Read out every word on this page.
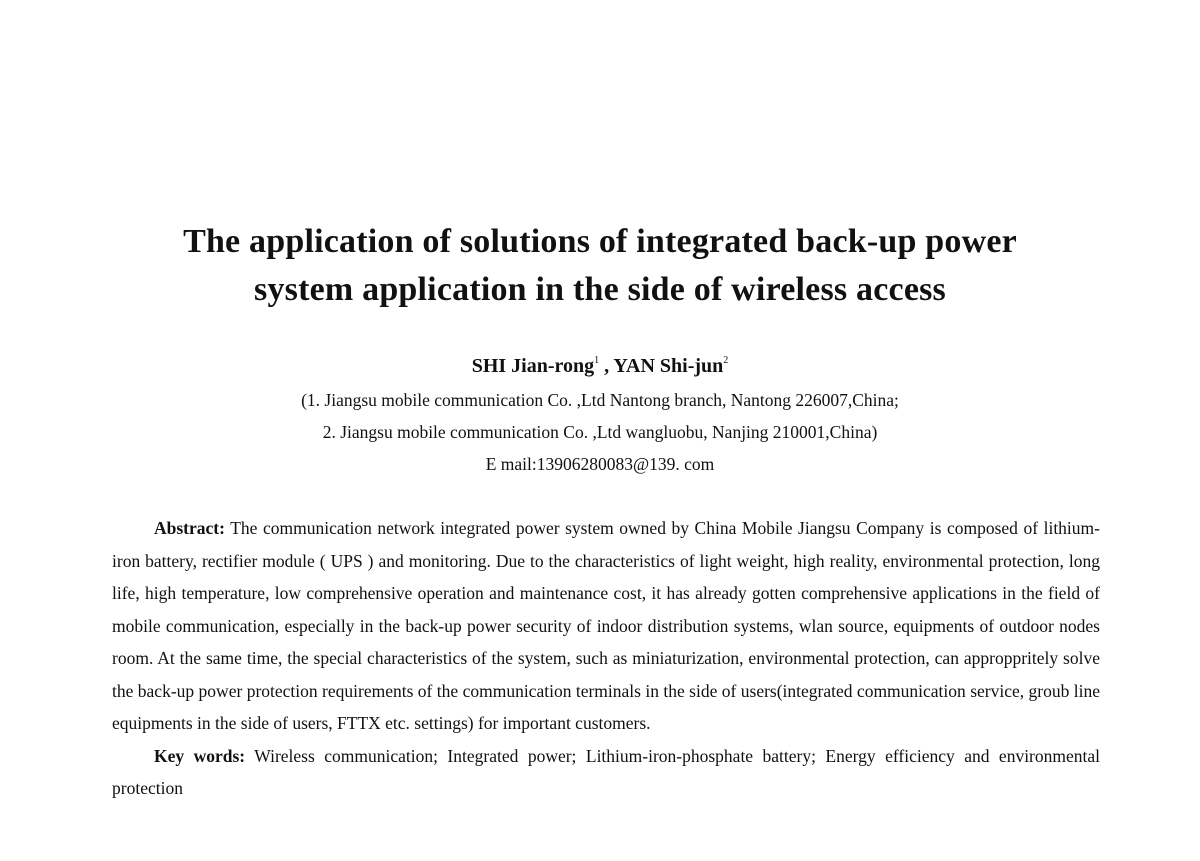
The application of solutions of integrated back-up power
system application in the side of wireless access
SHI Jian-rong$^1$ , YAN Shi-jun$^2$
(1. Jiangsu mobile communication Co. ,Ltd Nantong branch, Nantong 226007,China;
2. Jiangsu mobile communication Co. ,Ltd wangluobu, Nanjing 210001,China)
E mail:13906280083@139. com

Abstract: The communication network integrated power system owned by China Mobile Jiangsu Company is composed of lithium-iron battery, rectifier module ( UPS ) and monitoring. Due to the characteristics of light weight, high reality, environmental protection, long life, high temperature, low comprehensive operation and maintenance cost, it has already gotten comprehensive applications in the field of mobile communication, especially in the back-up power security of indoor distribution systems, wlan source, equipments of outdoor nodes room. At the same time, the special characteristics of the system, such as miniaturization, environmental protection, can approppritely solve the back-up power protection requirements of the communication terminals in the side of users(integrated communication service, groub line equipments in the side of users, FTTX etc. settings) for important customers.

Key words: Wireless communication; Integrated power; Lithium-iron-phosphate battery; Energy efficiency and environmental protection
